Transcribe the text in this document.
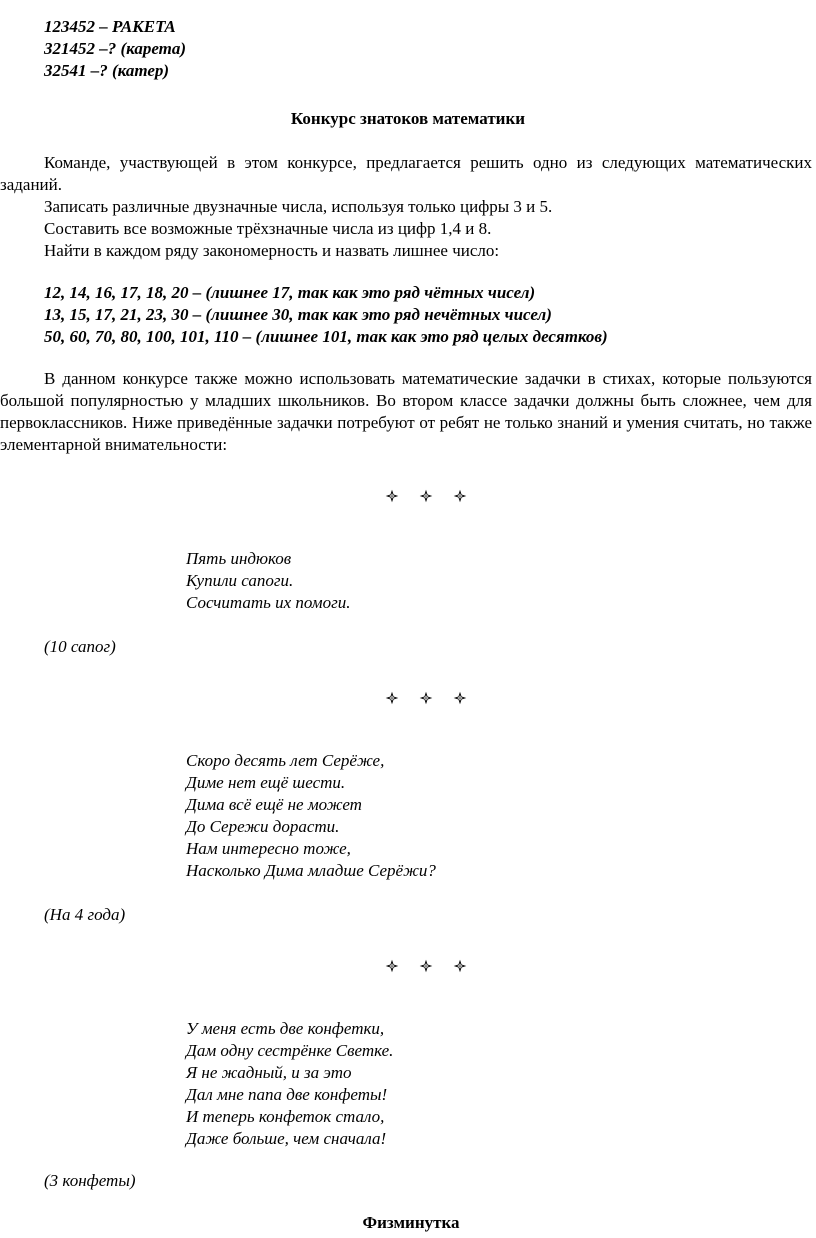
123452 – РАКЕТА
321452 –? (карета)
32541 –? (катер)
Конкурс знатоков математики

Команде, участвующей в этом конкурсе, предлагается решить одно из следующих математических заданий.

Записать различные двузначные числа, используя только цифры 3 и 5.
Составить все возможные трёхзначные числа из цифр 1,4 и 8.
Найти в каждом ряду закономерность и назвать лишнее число:
12, 14, 16, 17, 18, 20 – (лишнее 17, так как это ряд чётных чисел)
13, 15, 17, 21, 23, 30 – (лишнее 30, так как это ряд нечётных чисел)
50, 60, 70, 80, 100, 101, 110 – (лишнее 101, так как это ряд целых десятков)

В данном конкурсе также можно использовать математические задачки в стихах, которые пользуются большой популярностью у младших школьников. Во втором классе задачки должны быть сложнее, чем для первоклассников. Ниже приведённые задачки потребуют от ребят не только знаний и умения считать, но также элементарной внимательности:

Пять индюков
Купили сапоги.
Сосчитать их помоги.
(10 сапог)
Скоро десять лет Серёже,
Диме нет ещё шести.
Дима всё ещё не может
До Сережи дорасти.
Нам интересно тоже,
Насколько Дима младше Серёжи?
(На 4 года)
У меня есть две конфетки,
Дам одну сестрёнке Светке.
Я не жадный, и за это
Дал мне папа две конфеты!
И теперь конфеток стало,
Даже больше, чем сначала!
(3 конфеты)
Физминутка
